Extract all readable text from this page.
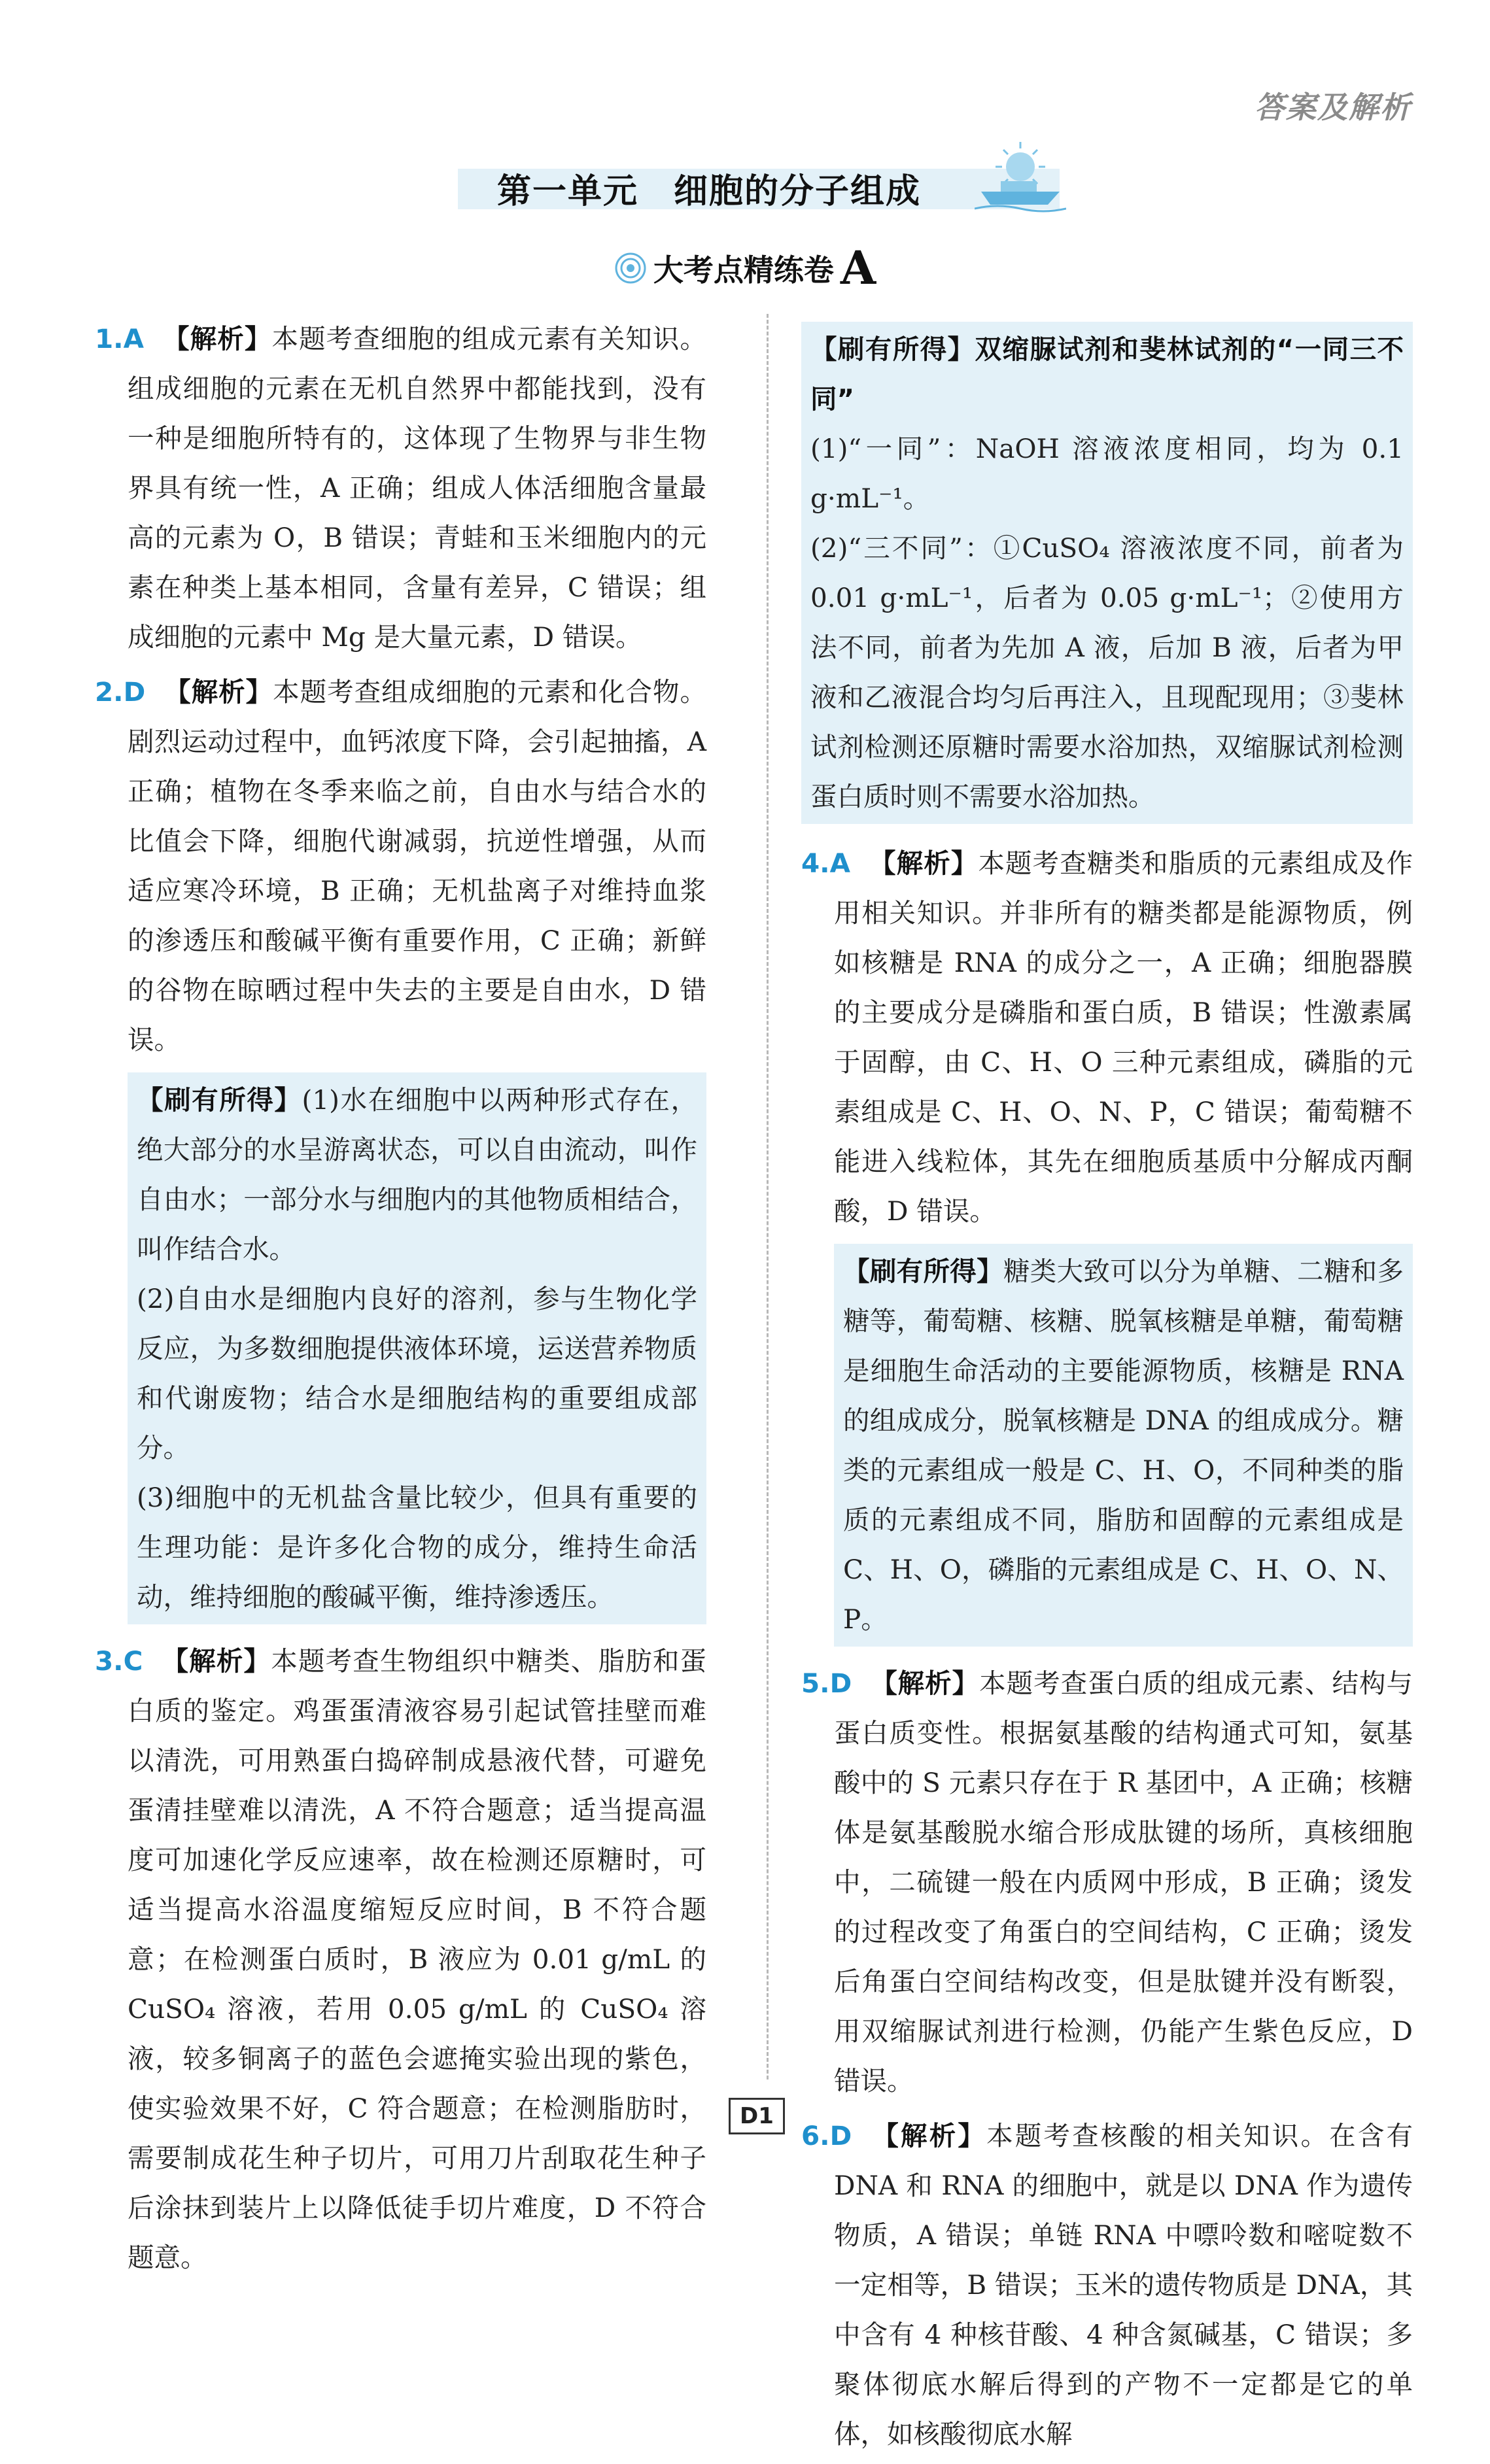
答案及解析
第一单元　细胞的分子组成
大考点精练卷 A

1.A 【解析】本题考查细胞的组成元素有关知识。组成细胞的元素在无机自然界中都能找到，没有一种是细胞所特有的，这体现了生物界与非生物界具有统一性，A 正确；组成人体活细胞含量最高的元素为 O，B 错误；青蛙和玉米细胞内的元素在种类上基本相同，含量有差异，C 错误；组成细胞的元素中 Mg 是大量元素，D 错误。

2.D 【解析】本题考查组成细胞的元素和化合物。剧烈运动过程中，血钙浓度下降，会引起抽搐，A 正确；植物在冬季来临之前，自由水与结合水的比值会下降，细胞代谢减弱，抗逆性增强，从而适应寒冷环境，B 正确；无机盐离子对维持血浆的渗透压和酸碱平衡有重要作用，C 正确；新鲜的谷物在晾晒过程中失去的主要是自由水，D 错误。

【刷有所得】(1)水在细胞中以两种形式存在，绝大部分的水呈游离状态，可以自由流动，叫作自由水；一部分水与细胞内的其他物质相结合，叫作结合水。

(2)自由水是细胞内良好的溶剂，参与生物化学反应，为多数细胞提供液体环境，运送营养物质和代谢废物；结合水是细胞结构的重要组成部分。

(3)细胞中的无机盐含量比较少，但具有重要的生理功能：是许多化合物的成分，维持生命活动，维持细胞的酸碱平衡，维持渗透压。

3.C 【解析】本题考查生物组织中糖类、脂肪和蛋白质的鉴定。鸡蛋蛋清液容易引起试管挂壁而难以清洗，可用熟蛋白捣碎制成悬液代替，可避免蛋清挂壁难以清洗，A 不符合题意；适当提高温度可加速化学反应速率，故在检测还原糖时，可适当提高水浴温度缩短反应时间，B 不符合题意；在检测蛋白质时，B 液应为 0.01 g/mL 的 CuSO₄ 溶液，若用 0.05 g/mL 的 CuSO₄ 溶液，较多铜离子的蓝色会遮掩实验出现的紫色，使实验效果不好，C 符合题意；在检测脂肪时，需要制成花生种子切片，可用刀片刮取花生种子后涂抹到装片上以降低徒手切片难度，D 不符合题意。

【刷有所得】双缩脲试剂和斐林试剂的“一同三不同”

(1)“一同”：NaOH 溶液浓度相同，均为 0.1 g·mL⁻¹。

(2)“三不同”：①CuSO₄ 溶液浓度不同，前者为 0.01 g·mL⁻¹，后者为 0.05 g·mL⁻¹；②使用方法不同，前者为先加 A 液，后加 B 液，后者为甲液和乙液混合均匀后再注入，且现配现用；③斐林试剂检测还原糖时需要水浴加热，双缩脲试剂检测蛋白质时则不需要水浴加热。

4.A 【解析】本题考查糖类和脂质的元素组成及作用相关知识。并非所有的糖类都是能源物质，例如核糖是 RNA 的成分之一，A 正确；细胞器膜的主要成分是磷脂和蛋白质，B 错误；性激素属于固醇，由 C、H、O 三种元素组成，磷脂的元素组成是 C、H、O、N、P，C 错误；葡萄糖不能进入线粒体，其先在细胞质基质中分解成丙酮酸，D 错误。

【刷有所得】糖类大致可以分为单糖、二糖和多糖等，葡萄糖、核糖、脱氧核糖是单糖，葡萄糖是细胞生命活动的主要能源物质，核糖是 RNA 的组成成分，脱氧核糖是 DNA 的组成成分。糖类的元素组成一般是 C、H、O，不同种类的脂质的元素组成不同，脂肪和固醇的元素组成是 C、H、O，磷脂的元素组成是 C、H、O、N、P。

5.D 【解析】本题考查蛋白质的组成元素、结构与蛋白质变性。根据氨基酸的结构通式可知，氨基酸中的 S 元素只存在于 R 基团中，A 正确；核糖体是氨基酸脱水缩合形成肽键的场所，真核细胞中，二硫键一般在内质网中形成，B 正确；烫发的过程改变了角蛋白的空间结构，C 正确；烫发后角蛋白空间结构改变，但是肽键并没有断裂，用双缩脲试剂进行检测，仍能产生紫色反应，D 错误。

6.D 【解析】本题考查核酸的相关知识。在含有 DNA 和 RNA 的细胞中，就是以 DNA 作为遗传物质，A 错误；单链 RNA 中嘌呤数和嘧啶数不一定相等，B 错误；玉米的遗传物质是 DNA，其中含有 4 种核苷酸、4 种含氮碱基，C 错误；多聚体彻底水解后得到的产物不一定都是它的单体，如核酸彻底水解

D1
